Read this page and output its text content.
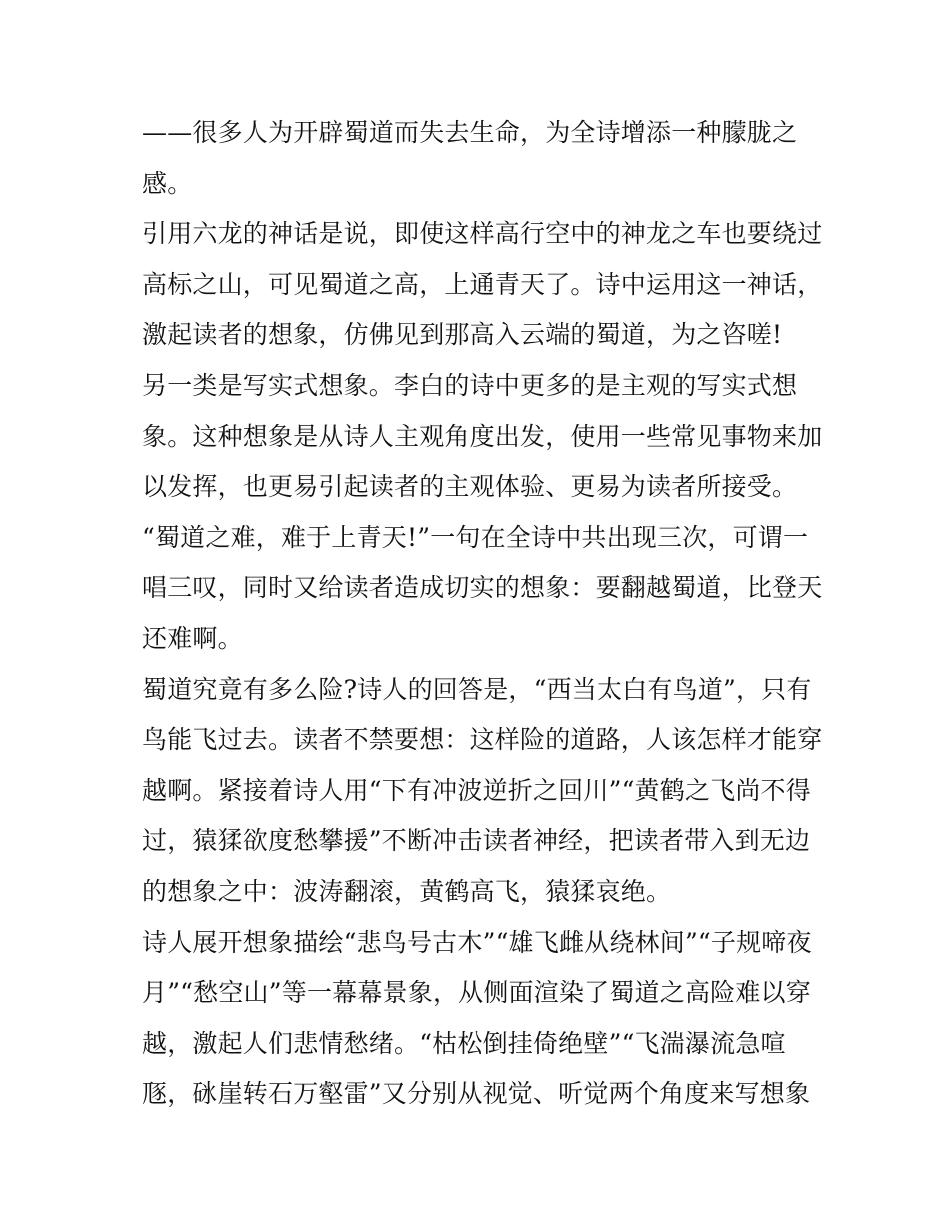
——很多人为开辟蜀道而失去生命，为全诗增添一种朦胧之
感。
引用六龙的神话是说，即使这样高行空中的神龙之车也要绕过
高标之山，可见蜀道之高，上通青天了。诗中运用这一神话，
激起读者的想象，仿佛见到那高入云端的蜀道，为之咨嗟!
另一类是写实式想象。李白的诗中更多的是主观的写实式想
象。这种想象是从诗人主观角度出发，使用一些常见事物来加
以发挥，也更易引起读者的主观体验、更易为读者所接受。
“蜀道之难，难于上青天!”一句在全诗中共出现三次，可谓一
唱三叹，同时又给读者造成切实的想象：要翻越蜀道，比登天
还难啊。
蜀道究竟有多么险?诗人的回答是，“西当太白有鸟道”，只有
鸟能飞过去。读者不禁要想：这样险的道路，人该怎样才能穿
越啊。紧接着诗人用“下有冲波逆折之回川”“黄鹤之飞尚不得
过，猿猱欲度愁攀援”不断冲击读者神经，把读者带入到无边
的想象之中：波涛翻滚，黄鹤高飞，猿猱哀绝。
诗人展开想象描绘“悲鸟号古木”“雄飞雌从绕林间”“子规啼夜
月”“愁空山”等一幕幕景象，从侧面渲染了蜀道之高险难以穿
越，激起人们悲情愁绪。“枯松倒挂倚绝壁”“飞湍瀑流急喧
豗，砯崖转石万壑雷”又分别从视觉、听觉两个角度来写想象
